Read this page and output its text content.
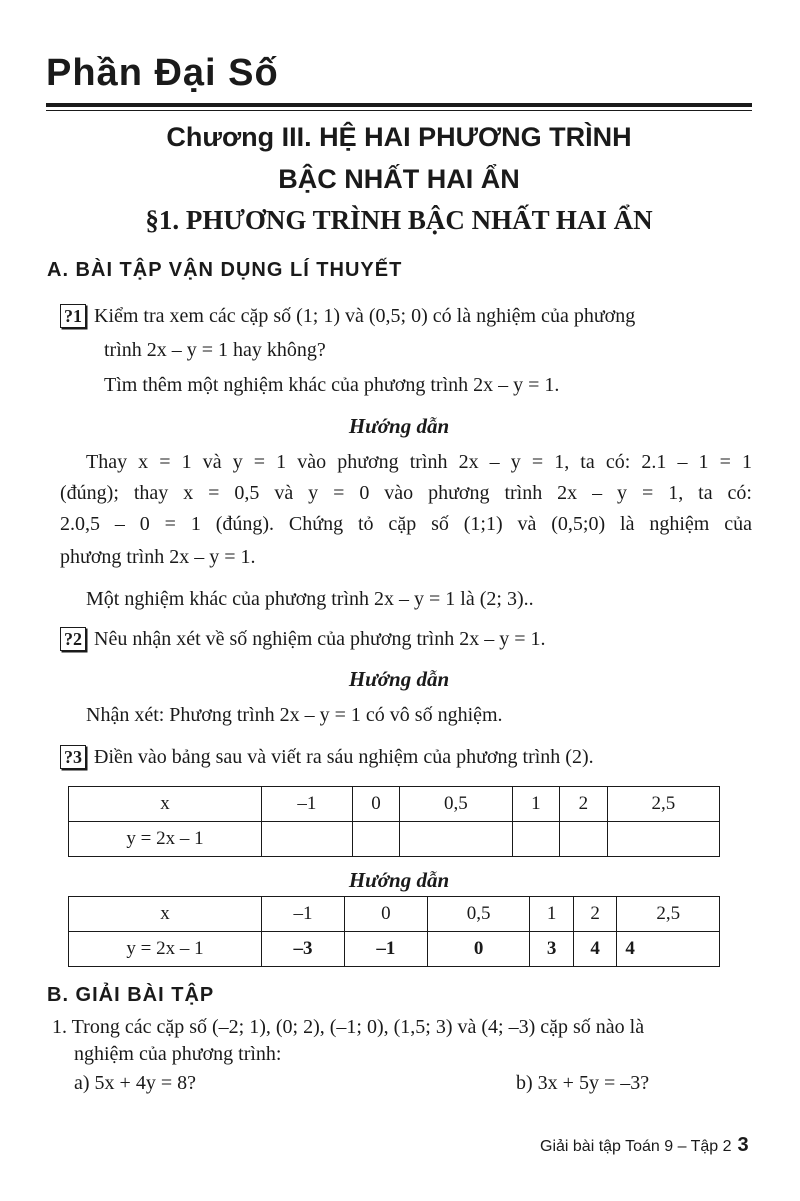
Phần Đại Số
Chương III. HỆ HAI PHƯƠNG TRÌNH
BẬC NHẤT HAI ẨN
§1. PHƯƠNG TRÌNH BẬC NHẤT HAI ẨN
A. BÀI TẬP VẬN DỤNG LÍ THUYẾT
?1 Kiểm tra xem các cặp số (1; 1) và (0,5; 0) có là nghiệm của phương
trình 2x – y = 1 hay không?
Tìm thêm một nghiệm khác của phương trình 2x – y = 1.
Hướng dẫn
Thay x = 1 và y = 1 vào phương trình 2x – y = 1, ta có: 2.1 – 1 = 1
(đúng); thay x = 0,5 và y = 0 vào phương trình 2x – y = 1, ta có:
2.0,5 – 0 = 1 (đúng). Chứng tỏ cặp số (1;1) và (0,5;0) là nghiệm của
phương trình 2x – y = 1.
Một nghiệm khác của phương trình 2x – y = 1 là (2; 3)..
?2 Nêu nhận xét về số nghiệm của phương trình 2x – y = 1.
Hướng dẫn
Nhận xét: Phương trình 2x – y = 1 có vô số nghiệm.
?3 Điền vào bảng sau và viết ra sáu nghiệm của phương trình (2).
x	–1	0	0,5	1	2	2,5
y = 2x – 1						
Hướng dẫn
x	–1	0	0,5	1	2	2,5
y = 2x – 1	–3	–1	0	3	4	4
B. GIẢI BÀI TẬP
1. Trong các cặp số (–2; 1), (0; 2), (–1; 0), (1,5; 3) và (4; –3) cặp số nào là
nghiệm của phương trình:
a) 5x + 4y = 8?	b) 3x + 5y = –3?
Giải bài tập Toán 9 – Tập 2 3
